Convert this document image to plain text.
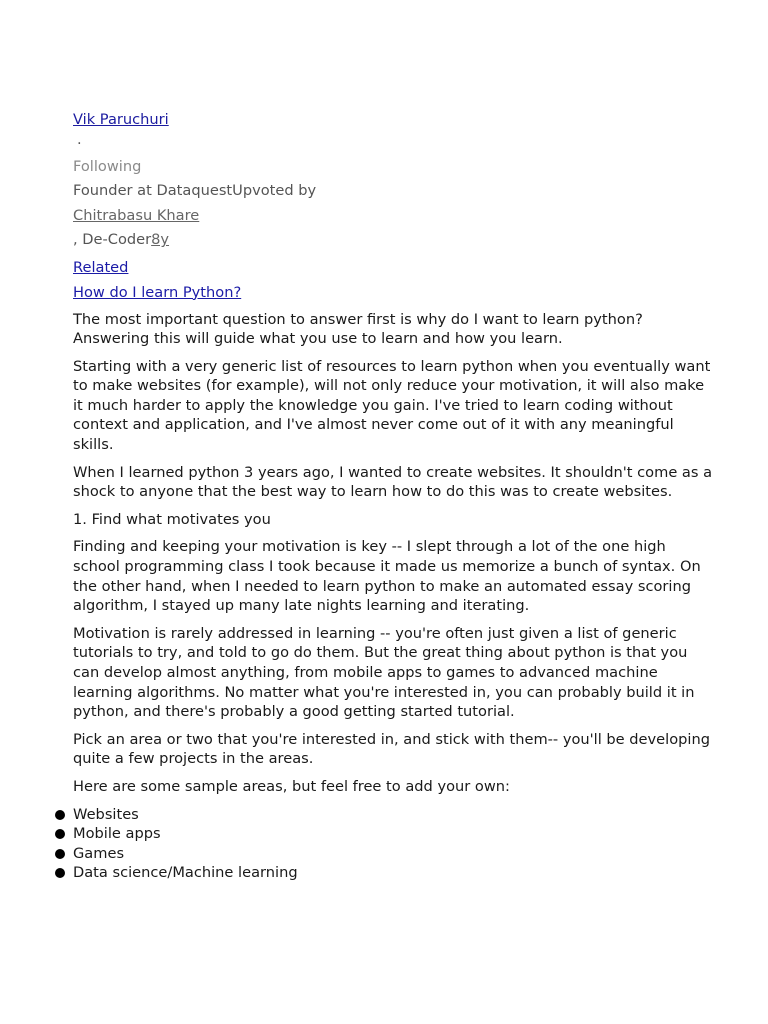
Vik Paruchuri
·
Following
Founder at DataquestUpvoted by
Chitrabasu Khare
, De-Coder8y
Related
How do I learn Python?

The most important question to answer first is why do I want to learn python? Answering this will guide what you use to learn and how you learn.

Starting with a very generic list of resources to learn python when you eventually want to make websites (for example), will not only reduce your motivation, it will also make it much harder to apply the knowledge you gain. I've tried to learn coding without context and application, and I've almost never come out of it with any meaningful skills.

When I learned python 3 years ago, I wanted to create websites. It shouldn't come as a shock to anyone that the best way to learn how to do this was to create websites.

1. Find what motivates you

Finding and keeping your motivation is key -- I slept through a lot of the one high school programming class I took because it made us memorize a bunch of syntax. On the other hand, when I needed to learn python to make an automated essay scoring algorithm, I stayed up many late nights learning and iterating.

Motivation is rarely addressed in learning -- you're often just given a list of generic tutorials to try, and told to go do them. But the great thing about python is that you can develop almost anything, from mobile apps to games to advanced machine learning algorithms. No matter what you're interested in, you can probably build it in python, and there's probably a good getting started tutorial.

Pick an area or two that you're interested in, and stick with them-- you'll be developing quite a few projects in the areas.

Here are some sample areas, but feel free to add your own:

Websites
Mobile apps
Games
Data science/Machine learning
